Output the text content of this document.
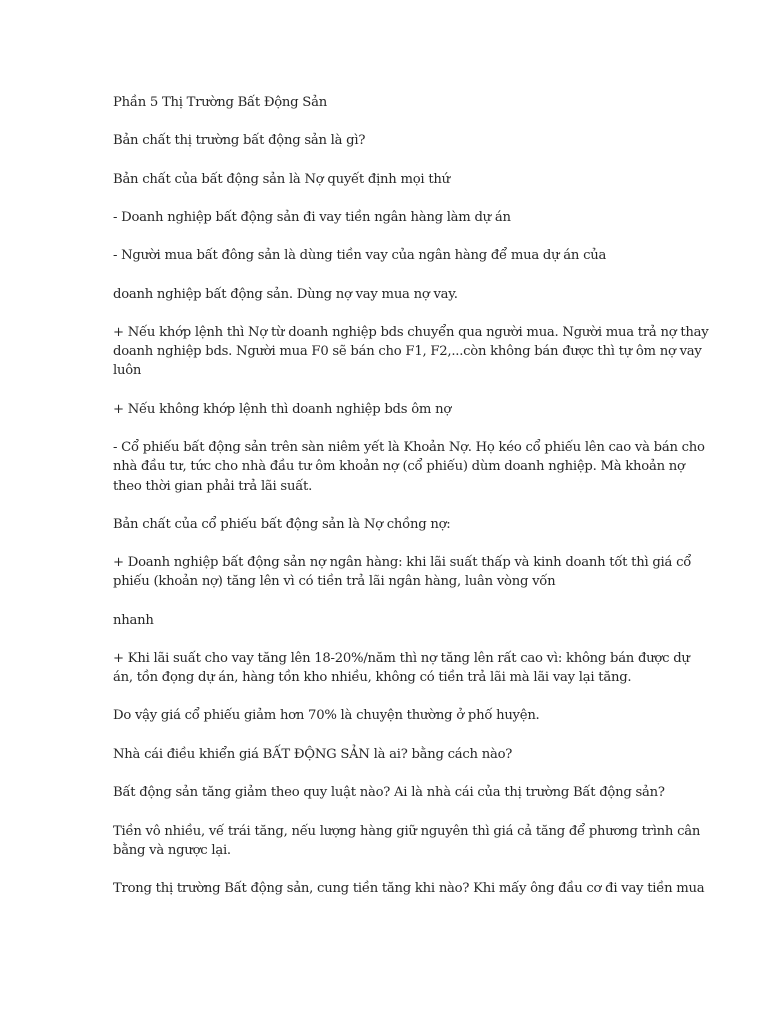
Phần 5 Thị Trường Bất Động Sản

Bản chất thị trường bất động sản là gì?

Bản chất của bất động sản là Nợ quyết định mọi thứ

- Doanh nghiệp bất động sản đi vay tiền ngân hàng làm dự án

- Người mua bất đông sản là dùng tiền vay của ngân hàng để mua dự án của

doanh nghiệp bất động sản. Dùng nợ vay mua nợ vay.

+ Nếu khớp lệnh thì Nợ từ doanh nghiệp bds chuyển qua người mua. Người mua trả nợ thay

doanh nghiệp bds. Người mua F0 sẽ bán cho F1, F2,...còn không bán được thì tự ôm nợ vay

luôn

+ Nếu không khớp lệnh thì doanh nghiệp bds ôm nợ

- Cổ phiếu bất động sản trên sàn niêm yết là Khoản Nợ. Họ kéo cổ phiếu lên cao và bán cho

nhà đầu tư, tức cho nhà đầu tư ôm khoản nợ (cổ phiếu) dùm doanh nghiệp. Mà khoản nợ

theo thời gian phải trả lãi suất.

Bản chất của cổ phiếu bất động sản là Nợ chồng nợ:

+ Doanh nghiệp bất động sản nợ ngân hàng: khi lãi suất thấp và kinh doanh tốt thì giá cổ

phiếu (khoản nợ) tăng lên vì có tiền trả lãi ngân hàng, luân vòng vốn

nhanh

+ Khi lãi suất cho vay tăng lên 18-20%/năm thì nợ tăng lên rất cao vì: không bán được dự

án, tồn đọng dự án, hàng tồn kho nhiều, không có tiền trả lãi mà lãi vay lại tăng.

Do vậy giá cổ phiếu giảm hơn 70% là chuyện thường ở phố huyện.

Nhà cái điều khiển giá BẤT ĐỘNG SẢN là ai? bằng cách nào?

Bất động sản tăng giảm theo quy luật nào? Ai là nhà cái của thị trường Bất động sản?

Tiền vô nhiều, vế trái tăng, nếu lượng hàng giữ nguyên thì giá cả tăng để phương trình cân

bằng và ngược lại.

Trong thị trường Bất động sản, cung tiền tăng khi nào? Khi mấy ông đầu cơ đi vay tiền mua
